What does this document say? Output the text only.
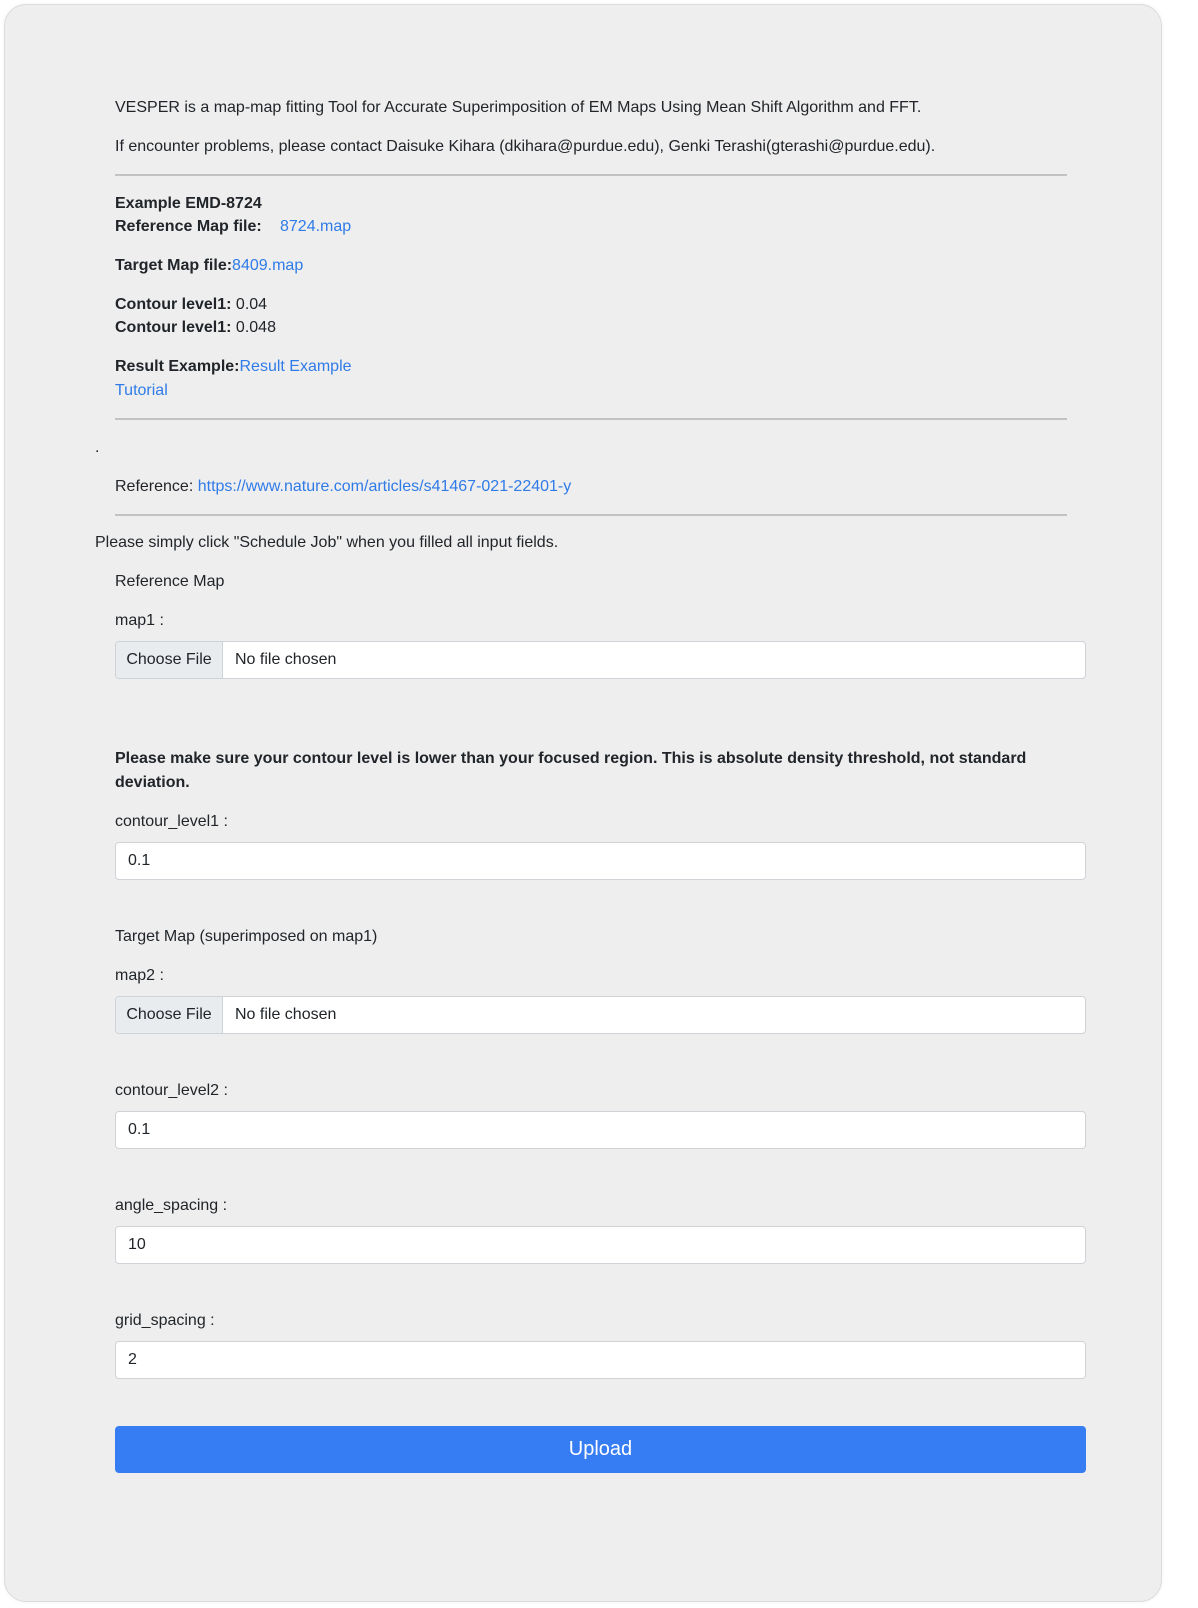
VESPER is a map-map fitting Tool for Accurate Superimposition of EM Maps Using Mean Shift Algorithm and FFT.
If encounter problems, please contact Daisuke Kihara (dkihara@purdue.edu), Genki Terashi(gterashi@purdue.edu).
Example EMD-8724
Reference Map file: 8724.map
Target Map file:8409.map
Contour level1: 0.04
Contour level1: 0.048
Result Example:Result Example
Tutorial
.
Reference: https://www.nature.com/articles/s41467-021-22401-y
Please simply click "Schedule Job" when you filled all input fields.
Reference Map
map1 :
Choose File	No file chosen
Please make sure your contour level is lower than your focused region. This is absolute density threshold, not standard
deviation.
contour_level1 :
0.1
Target Map (superimposed on map1)
map2 :
Choose File	No file chosen
contour_level2 :
0.1
angle_spacing :
10
grid_spacing :
2
Upload
